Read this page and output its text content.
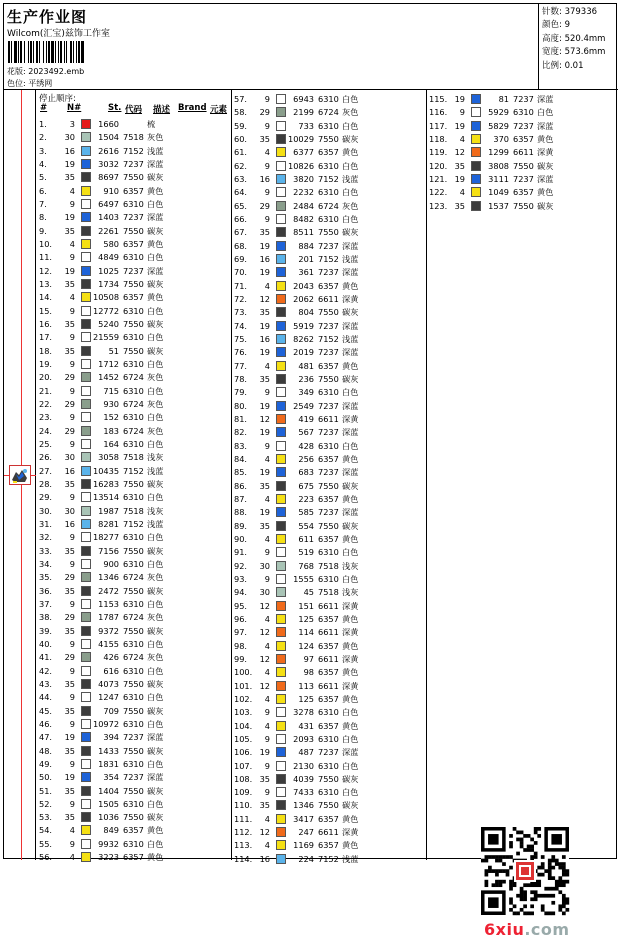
生产作业图
Wilcom(汇宝)兹饰工作室
花版: 2023492.emb
色位: 平绣网
针数: 379336
颜色: 9
高度: 520.4mm
宽度: 573.6mm
比例: 0.01
停止顺序:
# N#	St. 代码 描述 Brand 元素
1.	3	1660	梳
2. 30	1504 7518 灰色
3. 16	2616 7152 浅蓝
4. 19	3032 7237 深蓝
5. 35	8697 7550 碳灰
6.	4	910 6357 黄色
7.	9	6497 6310 白色
8. 19	1403 7237 深蓝
9. 35	2261 7550 碳灰
10.	4	580 6357 黄色
11.	9	4849 6310 白色
12. 19	1025 7237 深蓝
13. 35	1734 7550 碳灰
14.	4 10508 6357 黄色
15.	9 12772 6310 白色
16. 35	5240 7550 碳灰
17.	9 21559 6310 白色
18. 35	51 7550 碳灰
19.	9	1712 6310 白色
20. 29	1452 6724 灰色
21.	9	715 6310 白色
22. 29	930 6724 灰色
23.	9	152 6310 白色
24. 29	183 6724 灰色
25.	9	164 6310 白色
26. 30	3058 7518 浅灰
27. 16 10435 7152 浅蓝
28. 35 16283 7550 碳灰
29.	9 13514 6310 白色
30. 30	1987 7518 浅灰
31. 16	8281 7152 浅蓝
32.	9 18277 6310 白色
33. 35	7156 7550 碳灰
34.	9	900 6310 白色
35. 29	1346 6724 灰色
36. 35	2472 7550 碳灰
37.	9	1153 6310 白色
38. 29	1787 6724 灰色
39. 35	9372 7550 碳灰
40.	9	4155 6310 白色
41. 29	426 6724 灰色
42.	9	616 6310 白色
43. 35	4073 7550 碳灰
44.	9	1247 6310 白色
45. 35	709 7550 碳灰
46.	9 10972 6310 白色
47. 19	394 7237 深蓝
48. 35	1433 7550 碳灰
49.	9	1831 6310 白色
50. 19	354 7237 深蓝
51. 35	1404 7550 碳灰
52.	9	1505 6310 白色
53. 35	1036 7550 碳灰
54.	4	849 6357 黄色
55.	9	9932 6310 白色
56.	4	3223 6357 黄色
57.	9	6943 6310 白色
58. 29	2199 6724 灰色
59.	9	733 6310 白色
60. 35 10029 7550 碳灰
61.	4	6377 6357 黄色
62.	9 10826 6310 白色
63. 16	3820 7152 浅蓝
64.	9	2232 6310 白色
65. 29	2484 6724 灰色
66.	9	8482 6310 白色
67. 35	8511 7550 碳灰
68. 19	884 7237 深蓝
69. 16	201 7152 浅蓝
70. 19	361 7237 深蓝
71.	4	2043 6357 黄色
72. 12	2062 6611 深黄
73. 35	804 7550 碳灰
74. 19	5919 7237 深蓝
75. 16	8262 7152 浅蓝
76. 19	2019 7237 深蓝
77.	4	481 6357 黄色
78. 35	236 7550 碳灰
79.	9	349 6310 白色
80. 19	2549 7237 深蓝
81. 12	419 6611 深黄
82. 19	567 7237 深蓝
83.	9	428 6310 白色
84.	4	256 6357 黄色
85. 19	683 7237 深蓝
86. 35	675 7550 碳灰
87.	4	223 6357 黄色
88. 19	585 7237 深蓝
89. 35	554 7550 碳灰
90.	4	611 6357 黄色
91.	9	519 6310 白色
92. 30	768 7518 浅灰
93.	9	1555 6310 白色
94. 30	45 7518 浅灰
95. 12	151 6611 深黄
96.	4	125 6357 黄色
97. 12	114 6611 深黄
98.	4	124 6357 黄色
99. 12	97 6611 深黄
100.	4	98 6357 黄色
101. 12	113 6611 深黄
102.	4	125 6357 黄色
103.	9	3278 6310 白色
104.	4	431 6357 黄色
105.	9	2093 6310 白色
106. 19	487 7237 深蓝
107.	9	2130 6310 白色
108. 35	4039 7550 碳灰
109.	9	7433 6310 白色
110. 35	1346 7550 碳灰
111.	4	3417 6357 黄色
112. 12	247 6611 深黄
113.	4	1169 6357 黄色
114. 16	224 7152 浅蓝
115. 19	81 7237 深蓝
116.	9	5929 6310 白色
117. 19	5829 7237 深蓝
118.	4	370 6357 黄色
119. 12	1299 6611 深黄
120. 35	3808 7550 碳灰
121. 19	3111 7237 深蓝
122.	4	1049 6357 黄色
123. 35	1537 7550 碳灰
6xiu.com
